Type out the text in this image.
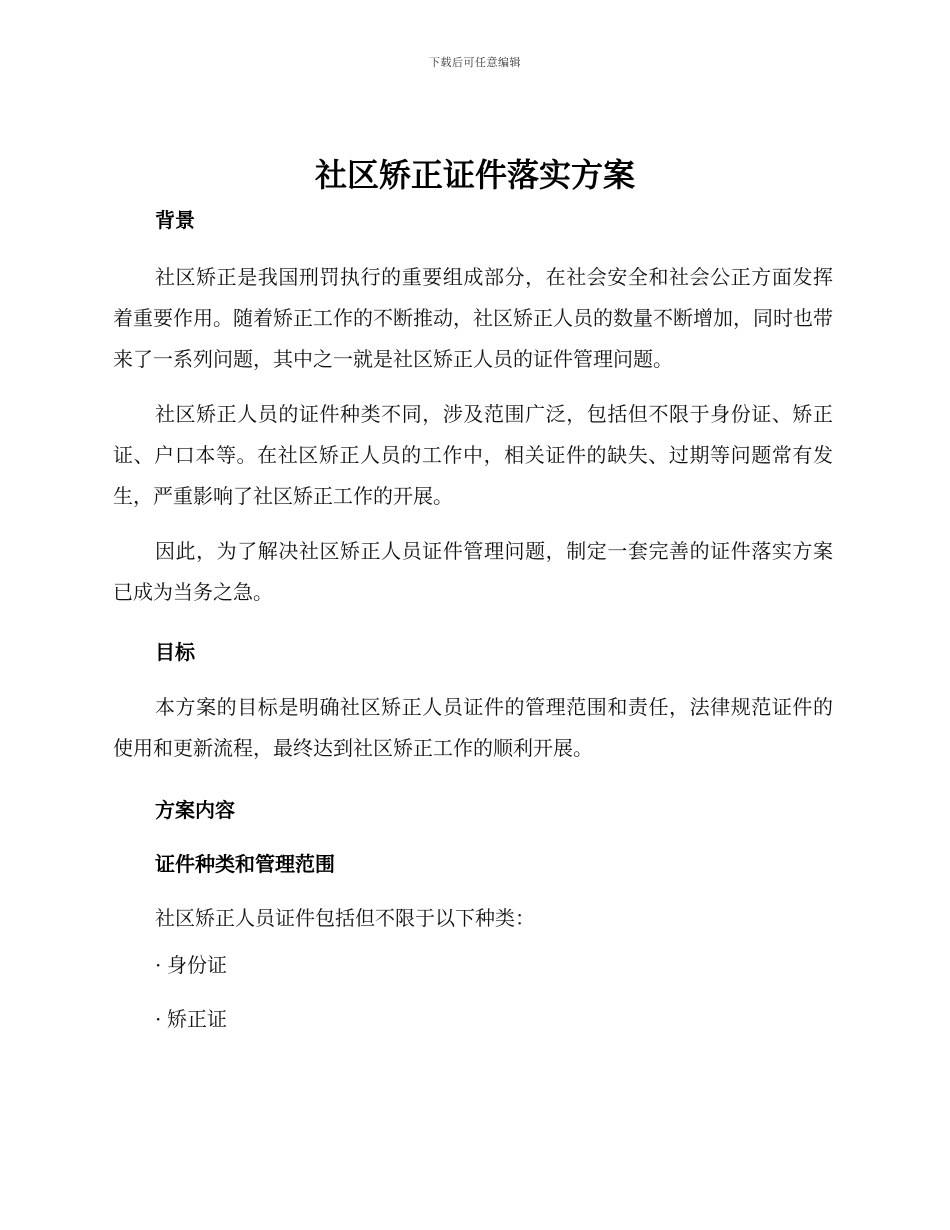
下载后可任意编辑
社区矫正证件落实方案

背景

社区矫正是我国刑罚执行的重要组成部分，在社会安全和社会公正方面发挥着重要作用。随着矫正工作的不断推动，社区矫正人员的数量不断增加，同时也带来了一系列问题，其中之一就是社区矫正人员的证件管理问题。

社区矫正人员的证件种类不同，涉及范围广泛，包括但不限于身份证、矫正证、户口本等。在社区矫正人员的工作中，相关证件的缺失、过期等问题常有发生，严重影响了社区矫正工作的开展。

因此，为了解决社区矫正人员证件管理问题，制定一套完善的证件落实方案已成为当务之急。

目标

本方案的目标是明确社区矫正人员证件的管理范围和责任，法律规范证件的使用和更新流程，最终达到社区矫正工作的顺利开展。

方案内容

证件种类和管理范围

社区矫正人员证件包括但不限于以下种类：

· 身份证

· 矫正证
